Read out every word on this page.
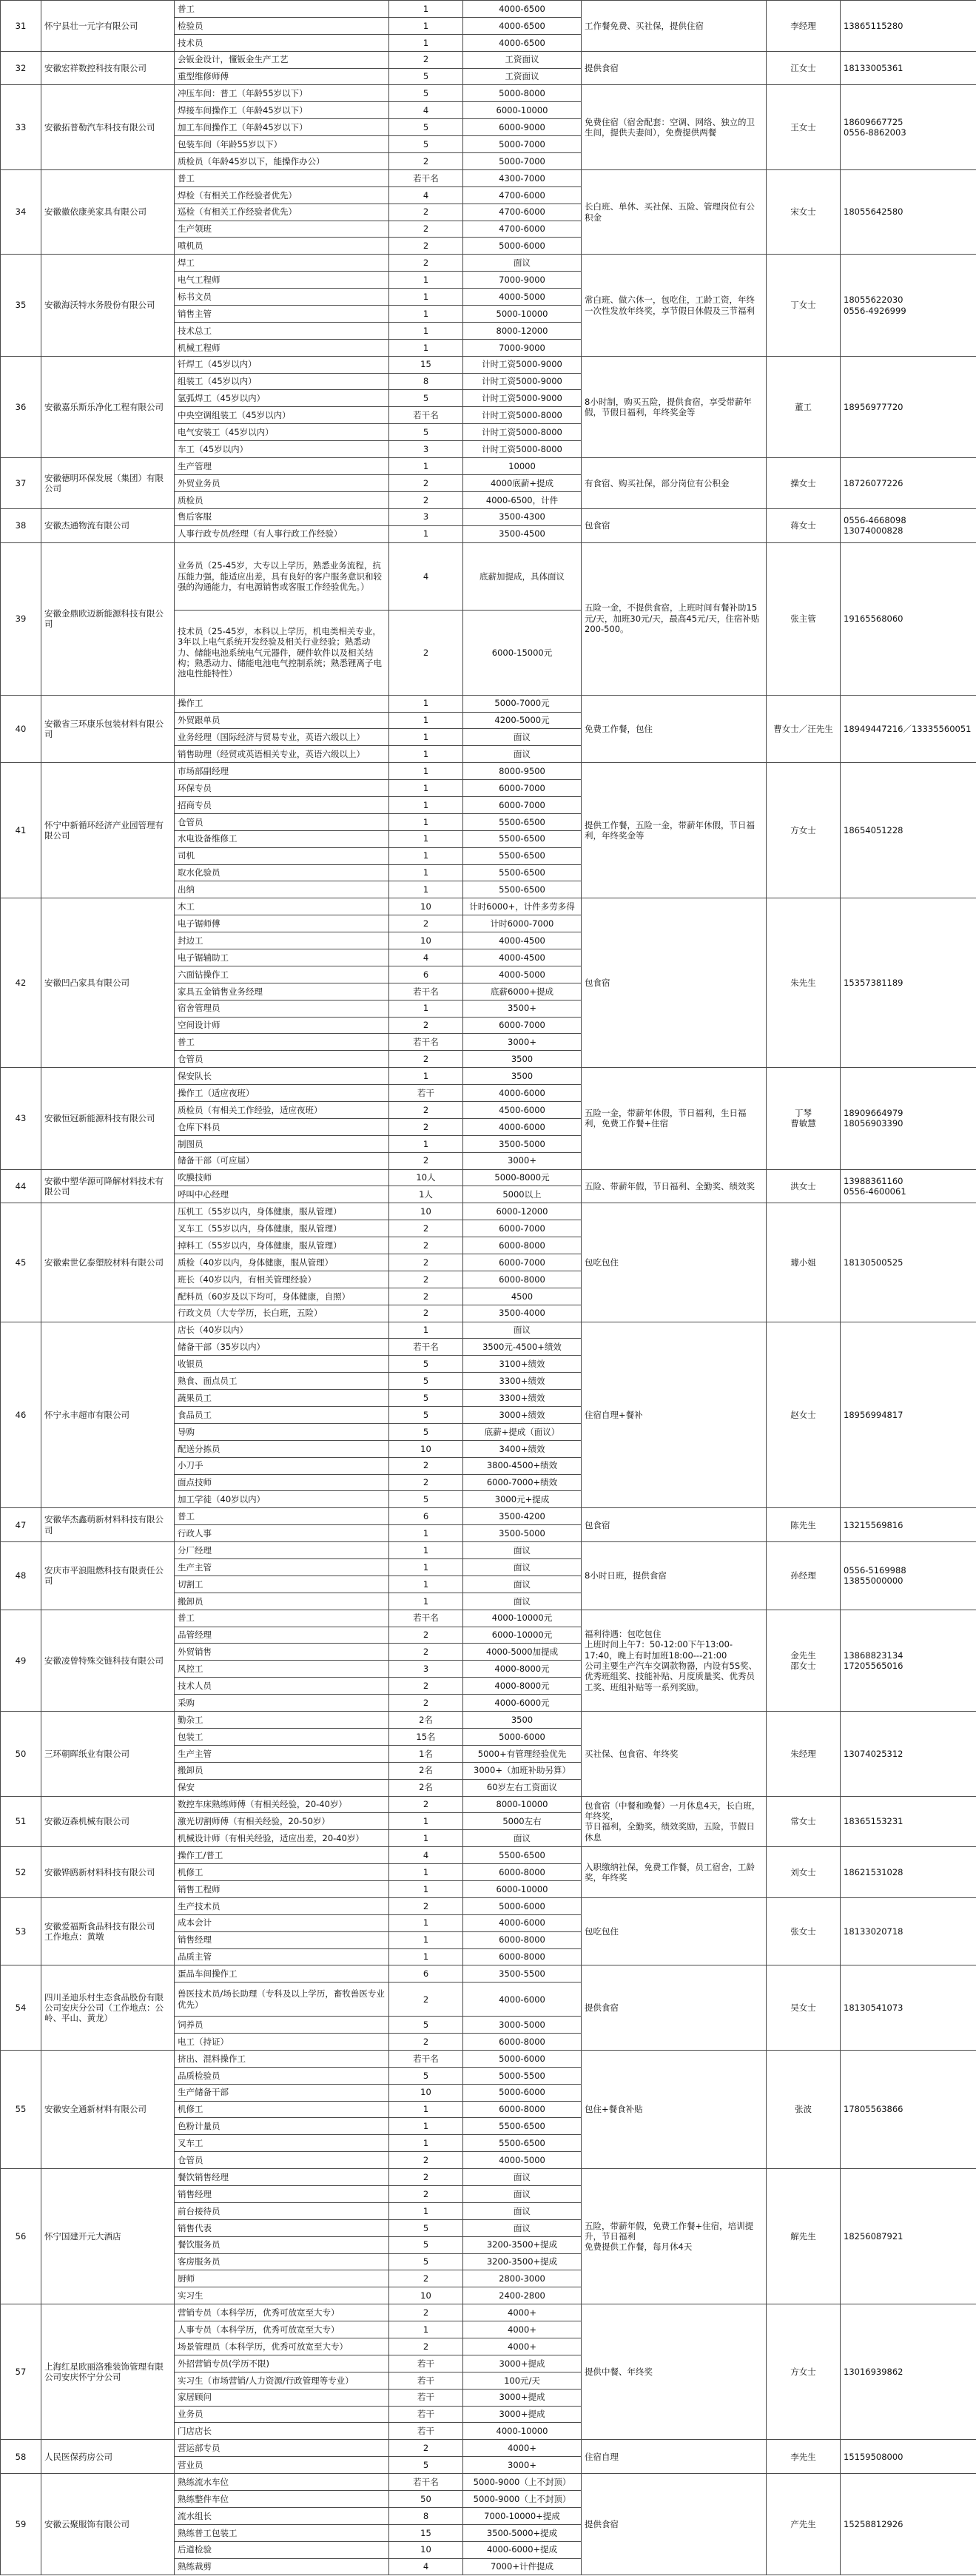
31	怀宁县壮一元字有限公司	普工	1	4000-6500	工作餐免费、买社保，提供住宿	李经理	13865115280
		检验员	1	4000-6500			
		技术员	1	4000-6500			
32	安徽宏祥数控科技有限公司	会钣金设计，懂钣金生产工艺	2	工资面议	提供食宿	江女士	18133005361
		重型维修师傅	5	工资面议			
33	安徽拓普勒汽车科技有限公司	冲压车间：普工（年龄55岁以下）	5	5000-8000	免费住宿（宿舍配套：空调、网络、独立的卫生间，提供夫妻间），免费提供两餐	王女士	18609667725
0556-8862003
		焊接车间操作工（年龄45岁以下）	4	6000-10000			
		加工车间操作工（年龄45岁以下）	5	6000-9000			
		包装车间（年龄55岁以下）	5	5000-7000			
		质检员（年龄45岁以下，能操作办公）	2	5000-7000			
34	安徽徽依康美家具有限公司	普工	若干名	4300-7000	长白班、单休、买社保、五险、管理岗位有公积金	宋女士	18055642580
		焊检（有相关工作经验者优先）	4	4700-6000			
		巡检（有相关工作经验者优先）	2	4700-6000			
		生产领班	2	4700-6000			
		喷机员	2	5000-6000			
35	安徽海沃特水务股份有限公司	焊工	2	面议	常白班、做六休一，包吃住，工龄工资，年终一次性发放年终奖，享节假日休假及三节福利	丁女士	18055622030
0556-4926999
		电气工程师	1	7000-9000			
		标书文员	1	4000-5000			
		销售主管	1	5000-10000			
		技术总工	1	8000-12000			
		机械工程师	1	7000-9000			
36	安徽嘉乐斯乐净化工程有限公司	钎焊工（45岁以内）	15	计时工资5000-9000	8小时制，购买五险，提供食宿，享受带薪年假，节假日福利，年终奖金等	董工	18956977720
		组装工（45岁以内）	8	计时工资5000-9000			
		氩弧焊工（45岁以内）	5	计时工资5000-9000			
		中央空调组装工（45岁以内）	若干名	计时工资5000-8000			
		电气安装工（45岁以内）	5	计时工资5000-8000			
		车工（45岁以内）	3	计时工资5000-8000			
37	安徽德明环保发展（集团）有限公司	生产管理	1	10000	有食宿、购买社保，部分岗位有公积金	操女士	18726077226
		外贸业务员	2	4000底薪+提成			
		质检员	2	4000-6500，计件			
38	安徽杰通物流有限公司	售后客服	3	3500-4300	包食宿	蒋女士	0556-4668098
13074000828
		人事行政专员/经理（有人事行政工作经验）	1	3500-4500			
39	安徽金鼎欧迈新能源科技有限公司	业务员（25-45岁，大专以上学历，熟悉业务流程，抗压能力强，能适应出差，具有良好的客户服务意识和较强的沟通能力，有电源销售或客服工作经验优先。）	4	底薪加提成，具体面议	五险一金，不提供食宿，上班时间有餐补助15元/天，加班30元/天，最高45元/天，住宿补贴200-500。	张主管	19165568060
		技术员（25-45岁，本科以上学历，机电类相关专业，3年以上电气系统开发经验及相关行业经验；熟悉动力、储能电池系统电气元器件，硬件软件以及相关结构；熟悉动力、储能电池电气控制系统；熟悉锂离子电池电性能特性）	2	6000-15000元			
40	安徽省三环康乐包装材料有限公司	操作工	1	5000-7000元	免费工作餐，包住	曹女士／汪先生	18949447216／13335560051
		外贸跟单员	1	4200-5000元			
		业务经理（国际经济与贸易专业，英语六级以上）	1	面议			
		销售助理（经贸或英语相关专业，英语六级以上）	1	面议			
41	怀宁中新循环经济产业园管理有限公司	市场部副经理	1	8000-9500	提供工作餐，五险一金，带薪年休假，节日福利，年终奖金等	方女士	18654051228
		环保专员	1	6000-7000			
		招商专员	1	6000-7000			
		仓管员	1	5500-6500			
		水电设备维修工	1	5500-6500			
		司机	1	5500-6500			
		取水化验员	1	5500-6500			
		出纳	1	5500-6500			
42	安徽凹凸家具有限公司	木工	10	计时6000+，计件多劳多得	包食宿	朱先生	15357381189
		电子锯师傅	2	计时6000-7000			
		封边工	10	4000-4500			
		电子锯辅助工	4	4000-4500			
		六面钻操作工	6	4000-5000			
		家具五金销售业务经理	若干名	底薪6000+提成			
		宿舍管理员	1	3500+			
		空间设计师	2	6000-7000			
		普工	若干名	3000+			
		仓管员	2	3500			
43	安徽恒冠新能源科技有限公司	保安队长	1	3500	五险一金，带薪年休假，节日福利，生日福利，免费工作餐+住宿	丁琴
曹敏慧	18909664979
18056903390
		操作工（适应夜班）	若干	4000-6000			
		质检员（有相关工作经验，适应夜班）	2	4500-6000			
		仓库下料员	2	4000-6000			
		制图员	1	3500-5000			
		储备干部（可应届）	2	3000+			
44	安徽中塑华源可降解材料技术有限公司	吹膜技师	10人	5000-8000元	五险、带薪年假，节日福利、全勤奖、绩效奖	洪女士	13988361160
0556-4600061
		呼叫中心经理	1人	5000以上			
45	安徽索世亿泰塑胶材料有限公司	压机工（55岁以内，身体健康，服从管理）	10	6000-12000	包吃包住	璩小姐	18130500525
		叉车工（55岁以内，身体健康，服从管理）	2	6000-7000			
		掉料工（55岁以内，身体健康，服从管理）	2	6000-8000			
		质检（40岁以内，身体健康，服从管理）	2	6000-7000			
		班长（40岁以内，有相关管理经验）	2	6000-8000			
		配料员（60岁及以下均可，身体健康，自照）	2	4500			
		行政文员（大专学历，长白班，五险）	2	3500-4000			
46	怀宁永丰超市有限公司	店长（40岁以内）	1	面议	住宿自理+餐补	赵女士	18956994817
		储备干部（35岁以内）	若干名	3500元-4500+绩效			
		收银员	5	3100+绩效			
		熟食、面点员工	5	3300+绩效			
		蔬果员工	5	3300+绩效			
		食品员工	5	3000+绩效			
		导购	5	底薪+提成（面议）			
		配送分拣员	10	3400+绩效			
		小刀手	2	3800-4500+绩效			
		面点技师	2	6000-7000+绩效			
		加工学徒（40岁以内）	5	3000元+提成			
47	安徽华杰鑫萌新材料科技有限公司	普工	6	3500-4200	包食宿	陈先生	13215569816
		行政人事	1	3500-5000			
48	安庆市平浪阻燃科技有限责任公司	分厂经理	1	面议	8小时日班，提供食宿	孙经理	0556-5169988
13855000000
		生产主管	1	面议			
		切割工	1	面议			
		搬卸员	1	面议			
49	安徽凌曾特殊交链科技有限公司	普工	若干名	4000-10000元	福利待遇：包吃包住
上班时间上午7：50-12:00下午13:00-17:40，晚上有时加班18:00---21:00
公司主要生产汽车交调款物器，内设有5S奖、优秀班组奖、技能补贴、月度质量奖、优秀员工奖、班组补贴等一系列奖励。	金先生
邵女士	13868823134
17205565016
		品管经理	2	6000-10000元			
		外贸销售	2	4000-5000加提成			
		风控工	3	4000-8000元			
		技术人员	2	4000-8000元			
		采购	2	4000-6000元			
50	三环朝晖纸业有限公司	勤杂工	2名	3500	买社保、包食宿、年终奖	朱经理	13074025312
		包装工	15名	5000-6000			
		生产主管	1名	5000+有管理经验优先			
		搬卸员	2名	3000+（加班补助另算）			
		保安	2名	60岁左右工资面议			
51	安徽迈森机械有限公司	数控车床熟练师傅（有相关经验，20-40岁）	2	8000-10000	包食宿（中餐和晚餐）一月休息4天，长白班，年终奖，
节日福利，全勤奖，绩效奖励，五险，节假日休息	常女士	18365153231
		激光切割师傅（有相关经验，20-50岁）	1	5000左右			
		机械设计师（有相关经验，适应出差，20-40岁）	1	面议			
52	安徽铧鸥新材料科技有限公司	操作工/普工	4	5500-6500	入职缴纳社保，免费工作餐，员工宿舍，工龄奖，年终奖	刘女士	18621531028
		机修工	1	6000-8000			
		销售工程师	1	6000-10000			
53	安徽爱福斯食品科技有限公司
工作地点：黄墩	生产技术员	2	5000-6000	包吃包住	张女士	18133020718
		成本会计	1	4000-6000			
		销售经理	1	6000-8000			
		品质主管	1	6000-8000			
54	四川圣迪乐村生态食品股份有限公司安庆分公司（工作地点：公岭、平山、黄龙）	蛋品车间操作工	6	3500-5500	提供食宿	吴女士	18130541073
		兽医技术员/场长助理（专科及以上学历，畜牧兽医专业优先）	2	4000-6000			
		饲养员	5	3000-5000			
		电工（持证）	2	6000-8000			
55	安徽安全通新材料有限公司	挤出、混料操作工	若干名	5000-6000	包住+餐食补贴	张波	17805563866
		品质检验员	5	5000-5500			
		生产储备干部	10	5000-6000			
		机修工	1	6000-8000			
		色粉计量员	1	5500-6500			
		叉车工	1	5500-6500			
		仓管员	2	4000-5000			
56	怀宁国建开元大酒店	餐饮销售经理	2	面议	五险，带薪年假，免费工作餐+住宿，培训提升，节日福利
免费提供工作餐，每月休4天	解先生	18256087921
		销售经理	2	面议			
		前台接待员	1	面议			
		销售代表	5	面议			
		餐饮服务员	5	3200-3500+提成			
		客房服务员	5	3200-3500+提成			
		厨师	2	2800-3000			
		实习生	10	2400-2800			
57	上海红星欧丽洛雅装饰管理有限公司安庆怀宁分公司	营销专员（本科学历，优秀可放宽至大专）	2	4000+	提供中餐、年终奖	方女士	13016939862
		人事专员（本科学历，优秀可放宽至大专）	1	4000+			
		场景管理员（本科学历，优秀可放宽至大专）	2	4000+			
		外招营销专员(学历不限)	若干	3000+提成			
		实习生（市场营销/人力资源/行政管理等专业）	若干	100元/天			
		家居顾问	若干	3000+提成			
		业务员	若干	3000+提成			
		门店店长	若干	4000-10000			
58	人民医保药房公司	营运部专员	2	4000+	住宿自理	李先生	15159508000
		营业员	5	3000+			
59	安徽云聚服饰有限公司	熟练流水车位	若干名	5000-9000（上不封顶）	提供食宿	产先生	15258812926
		熟练整件车位	50	5000-9000（上不封顶）			
		流水组长	8	7000-10000+提成			
		熟练普工包装工	15	3500-5000+提成			
		后道检验	10	4000-6000+提成			
		熟练裁剪	4	7000+计件提成			
